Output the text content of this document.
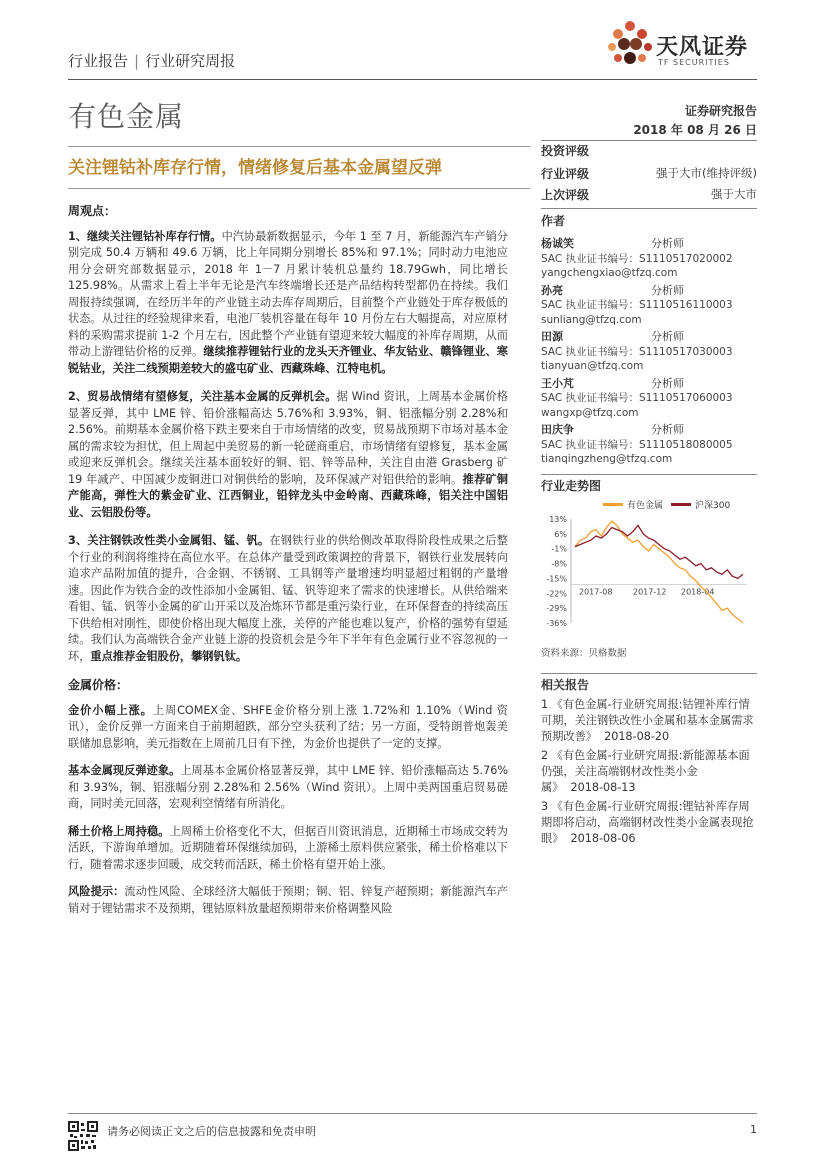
行业报告 | 行业研究周报
天风证券
TF SECURITIES
有色金属	证券研究报告
2018 年 08 月 26 日
关注锂钴补库存行情，情绪修复后基本金属望反弹

周观点：

1、继续关注锂钴补库存行情。中汽协最新数据显示，今年 1 至 7 月，新能源汽车产销分别完成 50.4 万辆和 49.6 万辆，比上年同期分别增长 85%和 97.1%；同时动力电池应用分会研究部数据显示，2018 年 1－7 月累计装机总量约 18.79Gwh，同比增长 125.98%。从需求上看上半年无论是汽车终端增长还是产品结构转型都仍在持续。我们周报持续强调，在经历半年的产业链主动去库存周期后，目前整个产业链处于库存极低的状态。从过往的经验规律来看，电池厂装机容量在每年 10 月份左右大幅提高，对应原材料的采购需求提前 1-2 个月左右，因此整个产业链有望迎来较大幅度的补库存周期，从而带动上游锂钴价格的反弹。继续推荐锂钴行业的龙头天齐锂业、华友钴业、赣锋锂业、寒锐钴业，关注二线预期差较大的盛屯矿业、西藏珠峰、江特电机。

2、贸易战情绪有望修复，关注基本金属的反弹机会。据 Wind 资讯，上周基本金属价格显著反弹，其中 LME 锌、铅价涨幅高达 5.76%和 3.93%，铜、铝涨幅分别 2.28%和 2.56%。前期基本金属价格下跌主要来自于市场情绪的改变，贸易战预期下市场对基本金属的需求较为担忧，但上周起中美贸易的新一轮磋商重启，市场情绪有望修复，基本金属或迎来反弹机会。继续关注基本面较好的铜、铝、锌等品种，关注自由港 Grasberg 矿 19 年减产、中国减少废铜进口对铜供给的影响，及环保减产对铝供给的影响。推荐矿铜产能高，弹性大的紫金矿业、江西铜业，铅锌龙头中金岭南、西藏珠峰，铝关注中国铝业、云铝股份等。

3、关注钢铁改性类小金属钼、锰、钒。在钢铁行业的供给侧改革取得阶段性成果之后整个行业的利润将维持在高位水平。在总体产量受到政策调控的背景下，钢铁行业发展转向追求产品附加值的提升，合金钢、不锈钢、工具钢等产量增速均明显超过粗钢的产量增速。因此作为铁合金的改性添加小金属钼、锰、钒等迎来了需求的快速增长。从供给端来看钼、锰、钒等小金属的矿山开采以及冶炼环节都是重污染行业，在环保督查的持续高压下供给相对刚性，即使价格出现大幅度上涨，关停的产能也难以复产，价格的强势有望延续。我们认为高端铁合金产业链上游的投资机会是今年下半年有色金属行业不容忽视的一环，重点推荐金钼股份，攀钢钒钛。

金属价格：

金价小幅上涨。上周COMEX金、SHFE金价格分别上涨 1.72%和 1.10%（Wind 资讯），金价反弹一方面来自于前期超跌，部分空头获利了结；另一方面，受特朗普炮轰美联储加息影响，美元指数在上周前几日有下挫，为金价也提供了一定的支撑。

基本金属现反弹迹象。上周基本金属价格显著反弹，其中 LME 锌、铅价涨幅高达 5.76%和 3.93%，铜、铝涨幅分别 2.28%和 2.56%（Wind 资讯）。上周中美两国重启贸易磋商，同时美元回落，宏观利空情绪有所消化。

稀土价格上周持稳。上周稀土价格变化不大，但据百川资讯消息，近期稀土市场成交转为活跃，下游询单增加。近期随着环保继续加码，上游稀土原料供应紧张，稀土价格难以下行，随着需求逐步回暖，成交转而活跃，稀土价格有望开始上涨。

风险提示：流动性风险、全球经济大幅低于预期；铜、铝、锌复产超预期；新能源汽车产销对于锂钴需求不及预期，锂钴原料放量超预期带来价格调整风险

投资评级
行业评级	强于大市(维持评级)
上次评级	强于大市
作者
杨诚笑	分析师
SAC 执业证书编号：S1110517020002
yangchengxiao@tfzq.com
孙亮	分析师
SAC 执业证书编号：S1110516110003
sunliang@tfzq.com
田源	分析师
SAC 执业证书编号：S1110517030003
tianyuan@tfzq.com
王小芃	分析师
SAC 执业证书编号：S1110517060003
wangxp@tfzq.com
田庆争	分析师
SAC 执业证书编号：S1110518080005
tianqingzheng@tfzq.com
行业走势图
有色金属	沪深300
13%
6%
-1%
-8%
-15%
-22%
-29%
-36%
2017-08	2017-12 2018-04
资料来源：贝格数据
相关报告
1 《有色金属-行业研究周报:钴锂补库行情可期，关注钢铁改性小金属和基本金属需求预期改善》 2018-08-20
2 《有色金属-行业研究周报:新能源基本面仍强，关注高端钢材改性类小金属》 2018-08-13
3 《有色金属-行业研究周报:锂钴补库存周期即将启动，高端钢材改性类小金属表现抢眼》 2018-08-06
请务必阅读正文之后的信息披露和免责申明	1
